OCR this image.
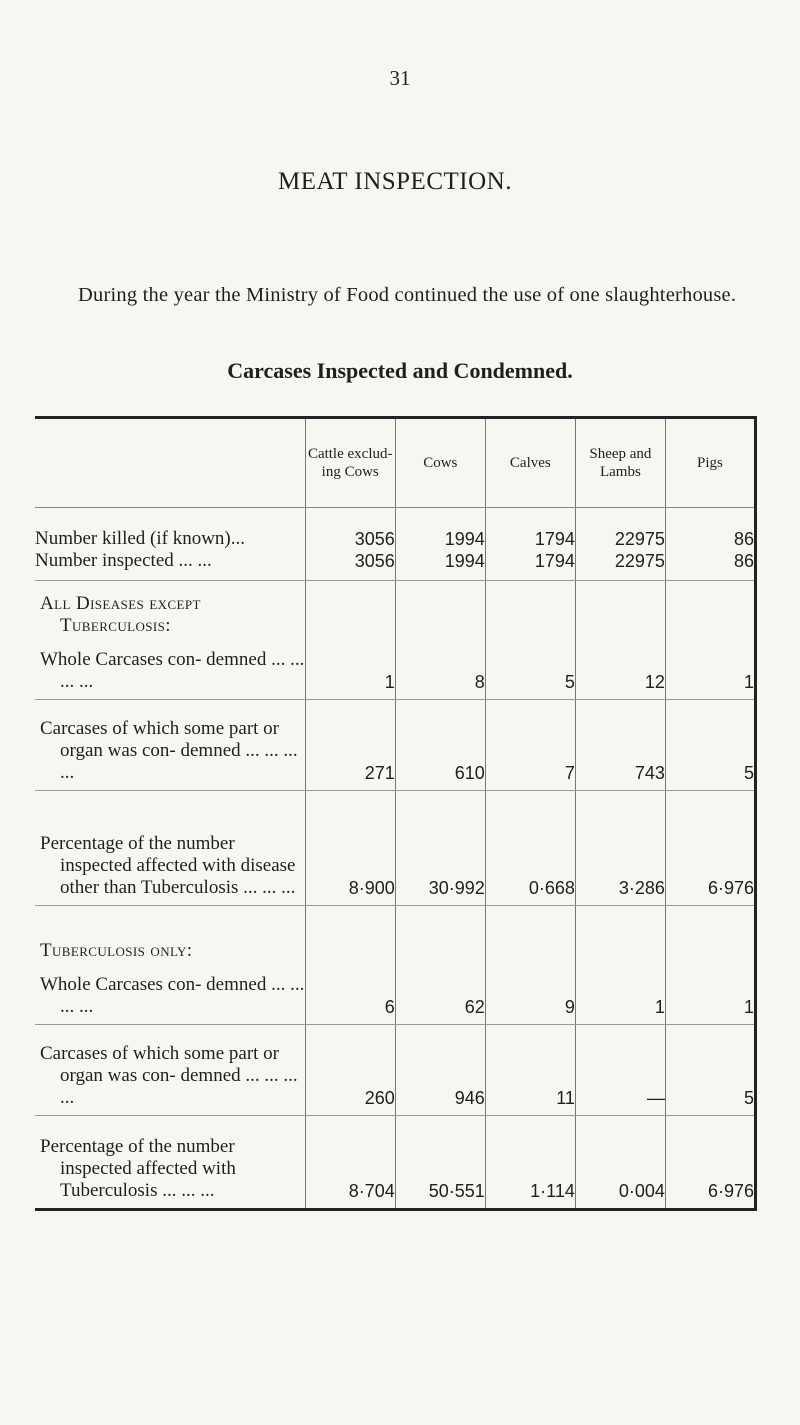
31
MEAT INSPECTION.

During the year the Ministry of Food continued the use of one slaughterhouse.

Carcases Inspected and Condemned.
	Cattle exclud- ing Cows	Cows	Calves	Sheep and Lambs	Pigs
Number killed (if known)...	3056	1994	1794	22975	86
Number inspected ... ...	3056	1994	1794	22975	86
All Diseases except Tuberculosis:					
Whole Carcases con- demned ... ... ... ...	1	8	5	12	1
Carcases of which some part or organ was con- demned ... ... ... ...	271	610	7	743	5
Percentage of the number inspected affected with disease other than Tuberculosis ... ... ...	8·900	30·992	0·668	3·286	6·976
Tuberculosis only:					
Whole Carcases con- demned ... ... ... ...	6	62	9	1	1
Carcases of which some part or organ was con- demned ... ... ... ...	260	946	11	—	5
Percentage of the number inspected affected with Tuberculosis ... ... ...	8·704	50·551	1·114	0·004	6·976
